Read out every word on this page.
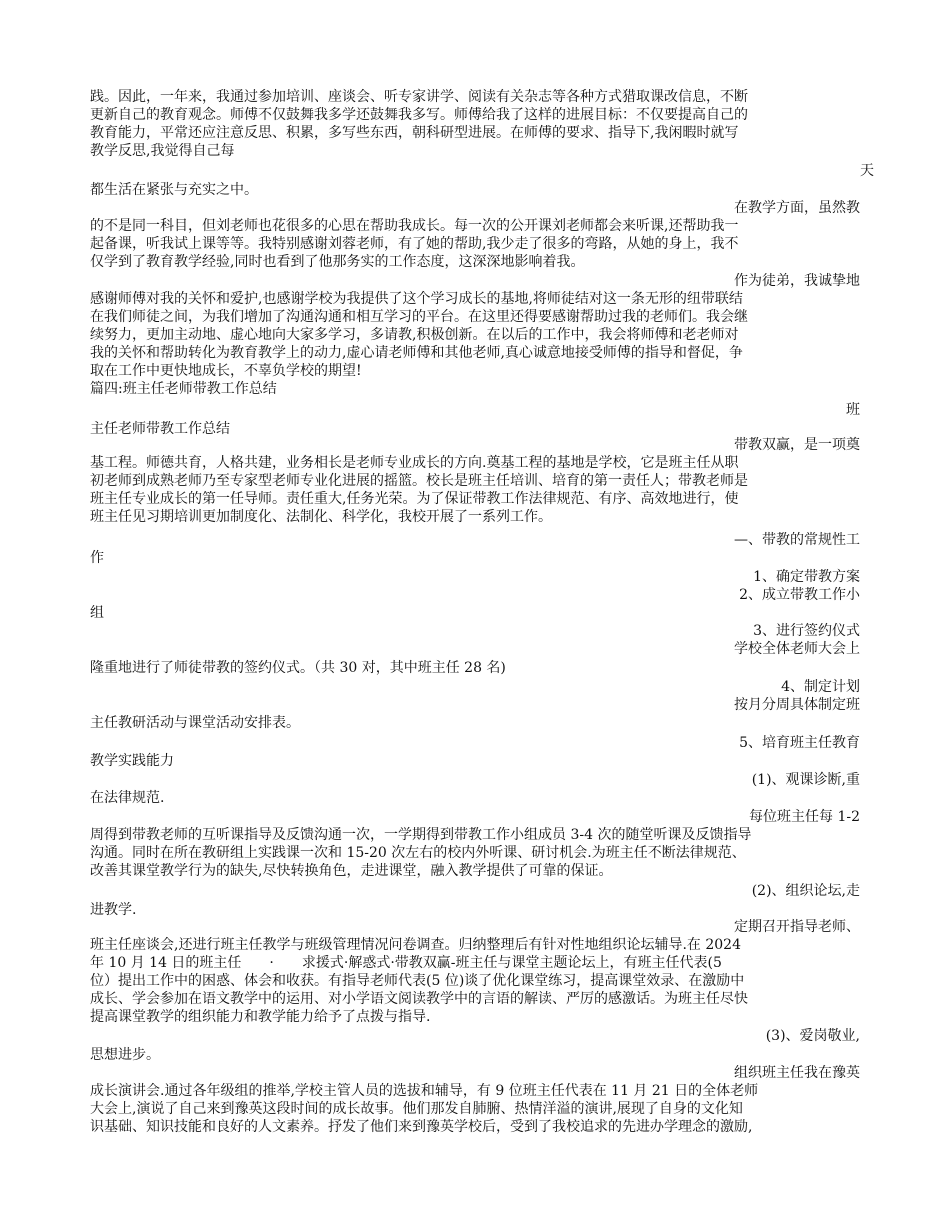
践。因此，一年来，我通过参加培训、座谈会、听专家讲学、阅读有关杂志等各种方式猎取课改信息，不断
更新自己的教育观念。师傅不仅鼓舞我多学还鼓舞我多写。师傅给我了这样的进展目标：不仅要提高自己的
教育能力，平常还应注意反思、积累，多写些东西，朝科研型进展。在师傅的要求、指导下,我闲暇时就写
教学反思,我觉得自己每
天
都生活在紧张与充实之中。
在教学方面，虽然教
的不是同一科目，但刘老师也花很多的心思在帮助我成长。每一次的公开课刘老师都会来听课,还帮助我一
起备课，听我试上课等等。我特别感谢刘蓉老师，有了她的帮助,我少走了很多的弯路，从她的身上，我不
仅学到了教育教学经验,同时也看到了他那务实的工作态度，这深深地影响着我。
作为徒弟，我诚挚地
感谢师傅对我的关怀和爱护,也感谢学校为我提供了这个学习成长的基地,将师徒结对这一条无形的纽带联结
在我们师徒之间，为我们增加了沟通沟通和相互学习的平台。在这里还得要感谢帮助过我的老师们。我会继
续努力，更加主动地、虚心地向大家多学习，多请教,积极创新。在以后的工作中，我会将师傅和老老师对
我的关怀和帮助转化为教育教学上的动力,虚心请老师傅和其他老师,真心诚意地接受师傅的指导和督促，争
取在工作中更快地成长，不辜负学校的期望!
篇四:班主任老师带教工作总结
班
主任老师带教工作总结
带教双赢，是一项奠
基工程。师德共育，人格共建，业务相长是老师专业成长的方向.奠基工程的基地是学校，它是班主任从职
初老师到成熟老师乃至专家型老师专业化进展的摇篮。校长是班主任培训、培育的第一责任人；带教老师是
班主任专业成长的第一任导师。责任重大,任务光荣。为了保证带教工作法律规范、有序、高效地进行，使
班主任见习期培训更加制度化、法制化、科学化，我校开展了一系列工作。
—、带教的常规性工
作
1、确定带教方案
2、成立带教工作小
组
3、进行签约仪式
学校全体老师大会上
隆重地进行了师徒带教的签约仪式。（共 30 对，其中班主任 28 名)
4、制定计划
按月分周具体制定班
主任教研活动与课堂活动安排表。
5、培育班主任教育
教学实践能力
(1)、观课诊断,重
在法律规范.
每位班主任每 1-2
周得到带教老师的互听课指导及反馈沟通一次，一学期得到带教工作小组成员 3-4 次的随堂听课及反馈指导
沟通。同时在所在教研组上实践课一次和 15-20 次左右的校内外听课、研讨机会.为班主任不断法律规范、
改善其课堂教学行为的缺失,尽快转换角色，走进课堂，融入教学提供了可靠的保证。
(2)、组织论坛,走
进教学.
定期召开指导老师、
班主任座谈会,还进行班主任教学与班级管理情况问卷调查。归纳整理后有针对性地组织论坛辅导.在 2024
年 10 月 14 日的班主任　　·　　求援式·解惑式·带教双赢-班主任与课堂主题论坛上，有班主任代表(5
位）提出工作中的困惑、体会和收获。有指导老师代表(5 位)谈了优化课堂练习，提高课堂效录、在激励中
成长、学会参加在语文教学中的运用、对小学语文阅读教学中的言语的解读、严厉的感激话。为班主任尽快
提高课堂教学的组织能力和教学能力给予了点拨与指导.
(3)、爱岗敬业,
思想进步。
组织班主任我在豫英
成长演讲会.通过各年级组的推举,学校主管人员的选拔和辅导，有 9 位班主任代表在 11 月 21 日的全体老师
大会上,演说了自己来到豫英这段时间的成长故事。他们那发自肺腑、热情洋溢的演讲,展现了自身的文化知
识基础、知识技能和良好的人文素养。抒发了他们来到豫英学校后，受到了我校追求的先进办学理念的激励,
